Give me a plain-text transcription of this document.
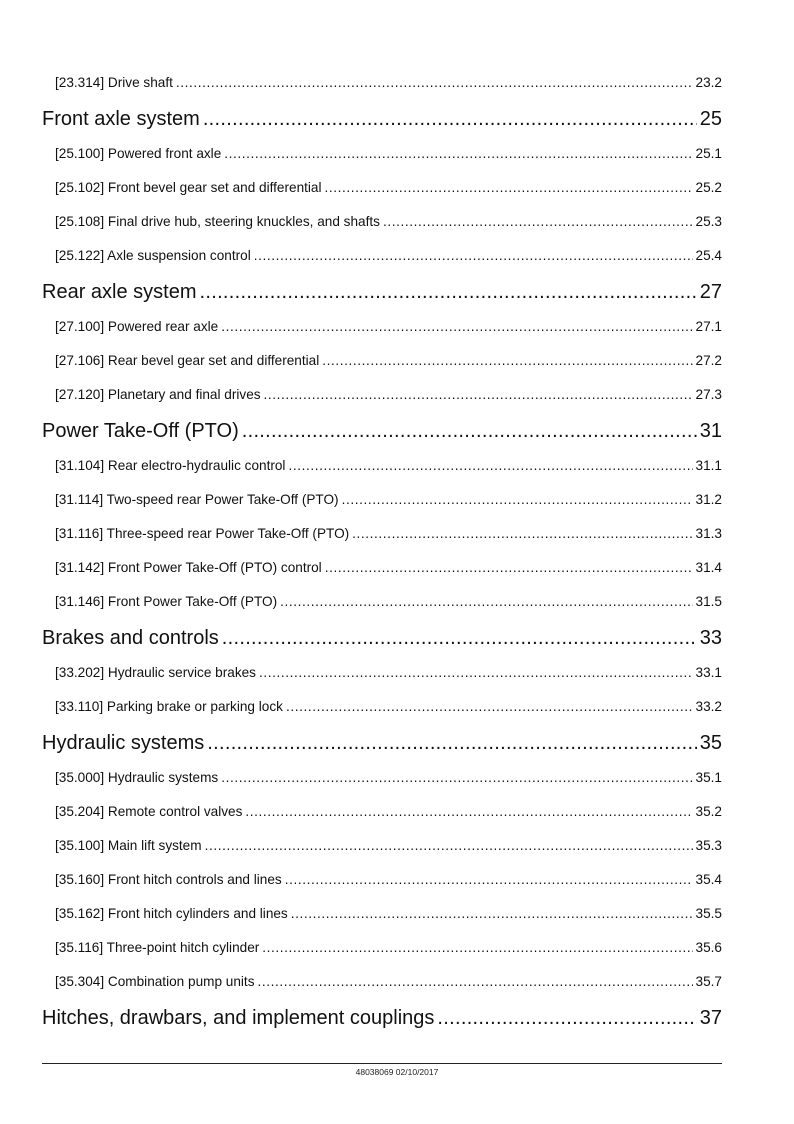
[23.314] Drive shaft .....	23.2
Front axle system .....	25
[25.100] Powered front axle .....	25.1
[25.102] Front bevel gear set and differential .....	25.2
[25.108] Final drive hub, steering knuckles, and shafts .....	25.3
[25.122] Axle suspension control .....	25.4
Rear axle system .....	27
[27.100] Powered rear axle .....	27.1
[27.106] Rear bevel gear set and differential .....	27.2
[27.120] Planetary and final drives .....	27.3
Power Take-Off (PTO) .....	31
[31.104] Rear electro-hydraulic control .....	31.1
[31.114] Two-speed rear Power Take-Off (PTO) .....	31.2
[31.116] Three-speed rear Power Take-Off (PTO) .....	31.3
[31.142] Front Power Take-Off (PTO) control .....	31.4
[31.146] Front Power Take-Off (PTO) .....	31.5
Brakes and controls .....	33
[33.202] Hydraulic service brakes .....	33.1
[33.110] Parking brake or parking lock .....	33.2
Hydraulic systems .....	35
[35.000] Hydraulic systems .....	35.1
[35.204] Remote control valves .....	35.2
[35.100] Main lift system .....	35.3
[35.160] Front hitch controls and lines .....	35.4
[35.162] Front hitch cylinders and lines .....	35.5
[35.116] Three-point hitch cylinder .....	35.6
[35.304] Combination pump units .....	35.7
Hitches, drawbars, and implement couplings .....	37
48038069 02/10/2017
